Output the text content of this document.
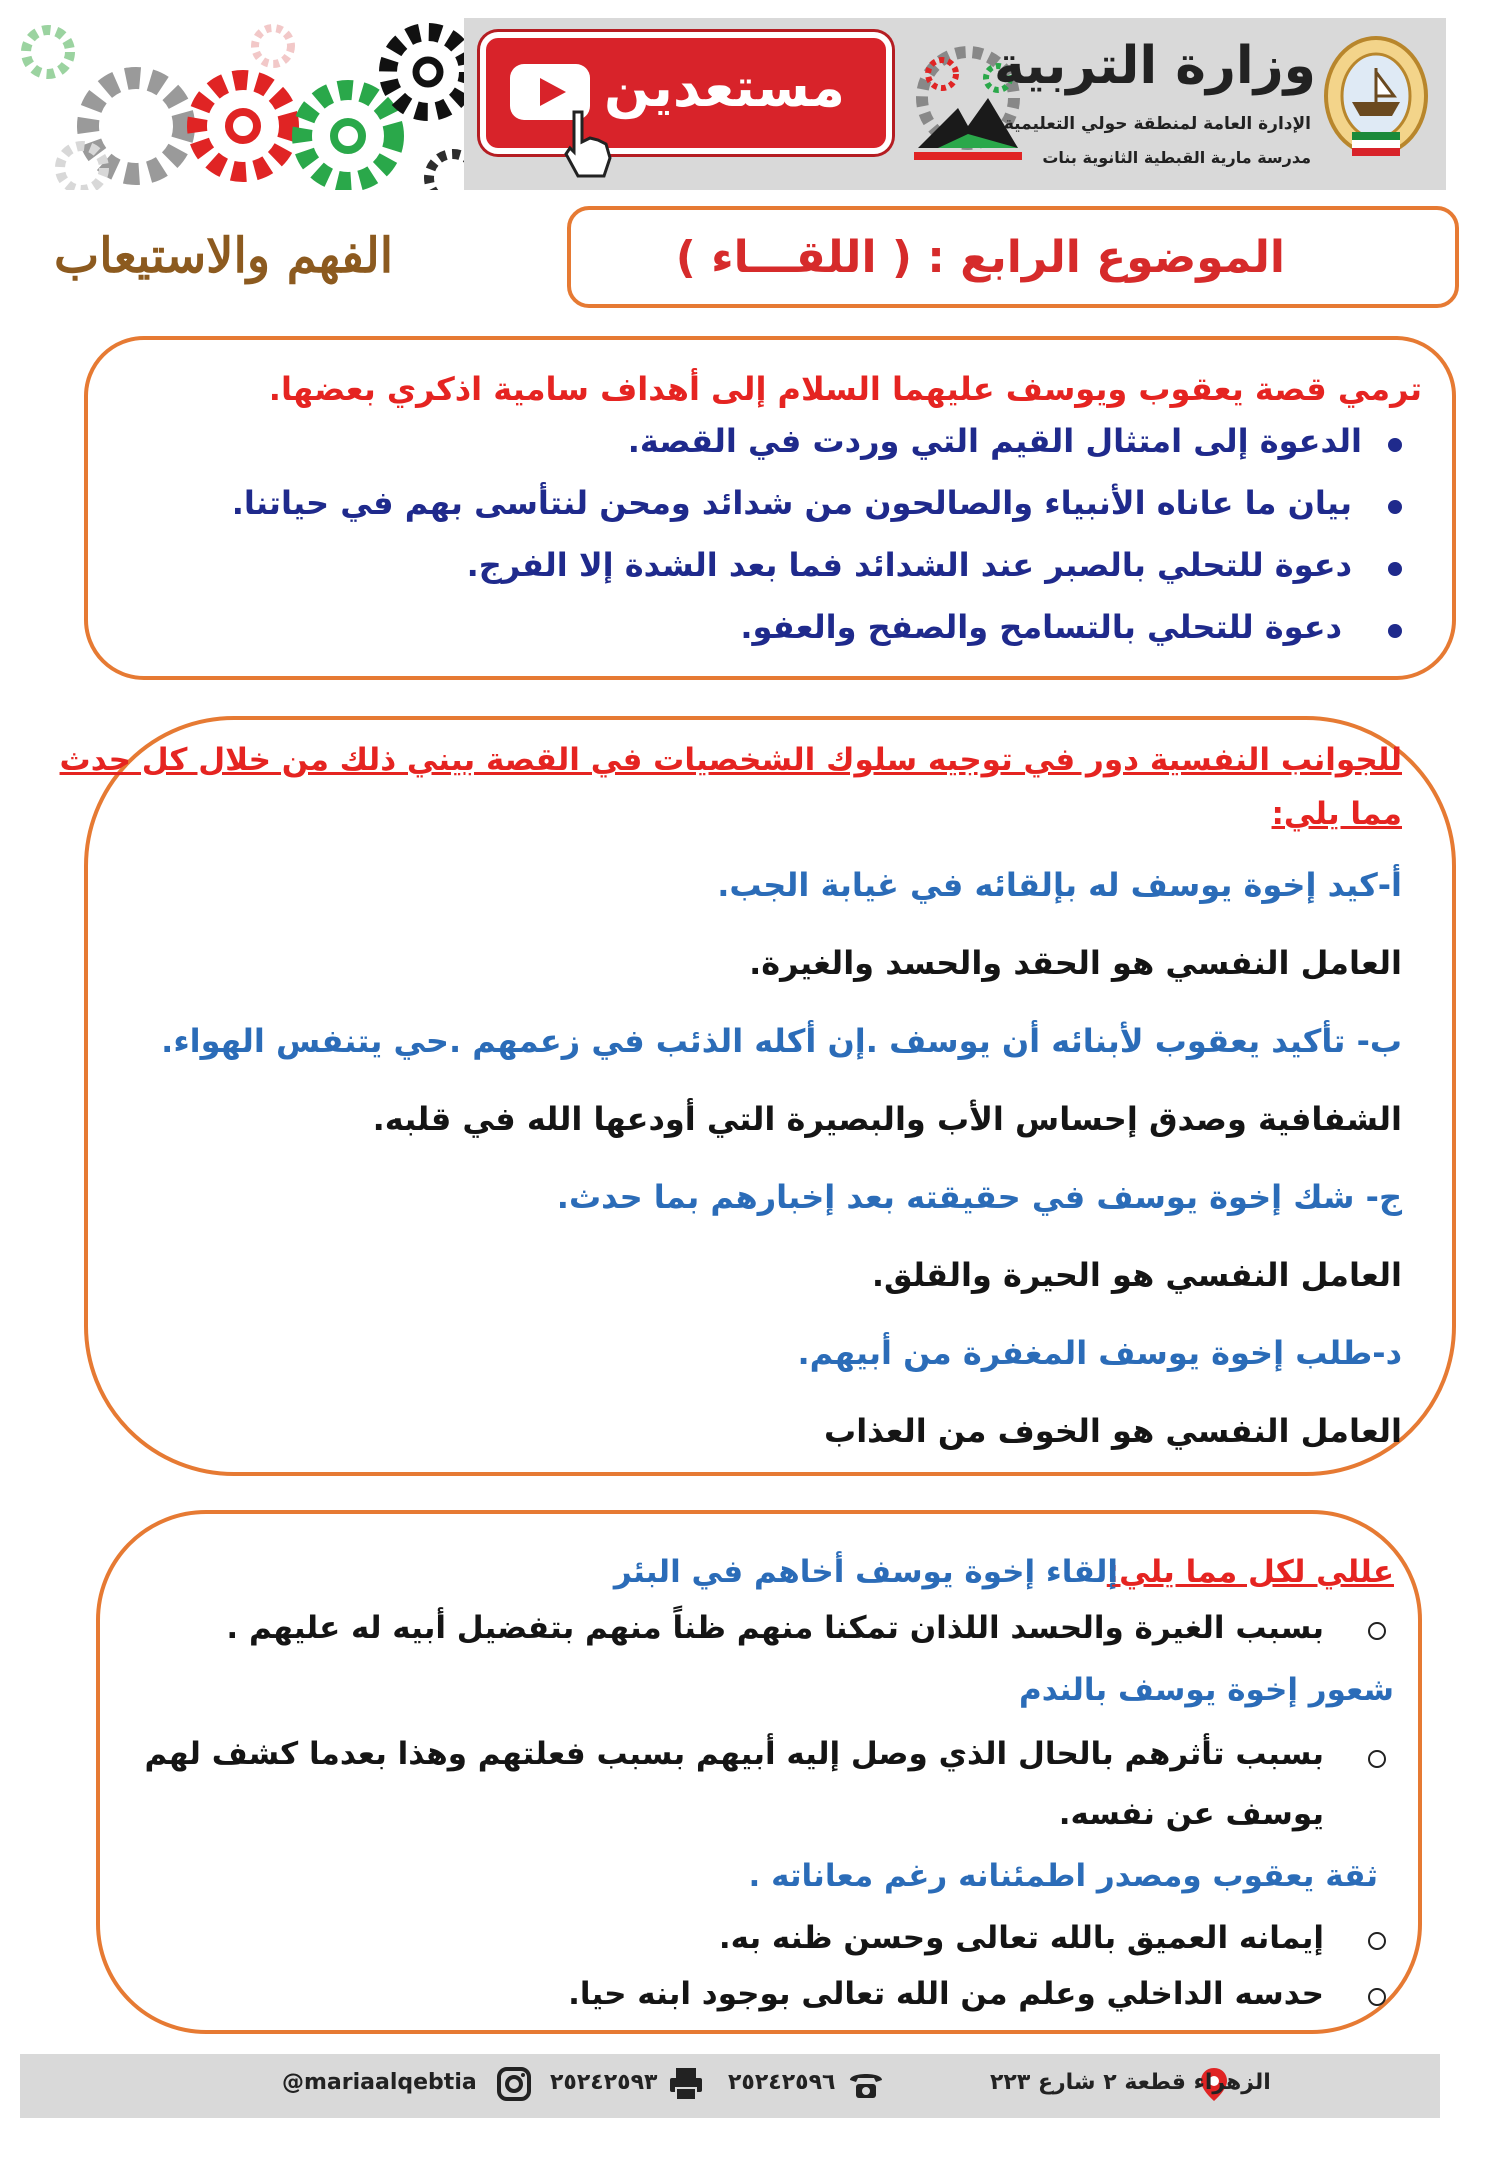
مستعدين	وزارة التربية
الإدارة العامة لمنطقة حولي التعليمية
مدرسة مارية القبطية الثانوية بنات
الموضوع الرابع : ( اللقـــاء )
الفهم والاستيعاب
ترمي قصة يعقوب ويوسف عليهما السلام إلى أهداف سامية اذكري بعضها.
الدعوة إلى امتثال القيم التي وردت في القصة.
بيان ما عاناه الأنبياء والصالحون من شدائد ومحن لنتأسى بهم في حياتنا.
دعوة للتحلي بالصبر عند الشدائد فما بعد الشدة إلا الفرج.
دعوة للتحلي بالتسامح والصفح والعفو.
للجوانب النفسية دور في توجيه سلوك الشخصيات في القصة بيني ذلك من خلال كل حدث
مما يلي:
أ-كيد إخوة يوسف له بإلقائه في غيابة الجب.
العامل النفسي هو الحقد والحسد والغيرة.
ب- تأكيد يعقوب لأبنائه أن يوسف .إن أكله الذئب في زعمهم .حي يتنفس الهواء.
الشفافية وصدق إحساس الأب والبصيرة التي أودعها الله في قلبه.
ج- شك إخوة يوسف في حقيقته بعد إخبارهم بما حدث.
العامل النفسي هو الحيرة والقلق.
د-طلب إخوة يوسف المغفرة من أبيهم.
العامل النفسي هو الخوف من العذاب
عللي لكل مما يلي:
إلقاء إخوة يوسف أخاهم في البئر
بسبب الغيرة والحسد اللذان تمكنا منهم ظناً منهم بتفضيل أبيه له عليهم .
شعور إخوة يوسف بالندم
بسبب تأثرهم بالحال الذي وصل إليه أبيهم بسبب فعلتهم وهذا بعدما كشف لهم
يوسف عن نفسه.
ثقة يعقوب ومصدر اطمئنانه رغم معاناته .
إيمانه العميق بالله تعالى وحسن ظنه به.
حدسه الداخلي وعلم من الله تعالى بوجود ابنه حيا.
الزهراء قطعة ٢ شارع ٢٢٣
٢٥٢٤٢٥٩٦
٢٥٢٤٢٥٩٣
@mariaalqebtia
